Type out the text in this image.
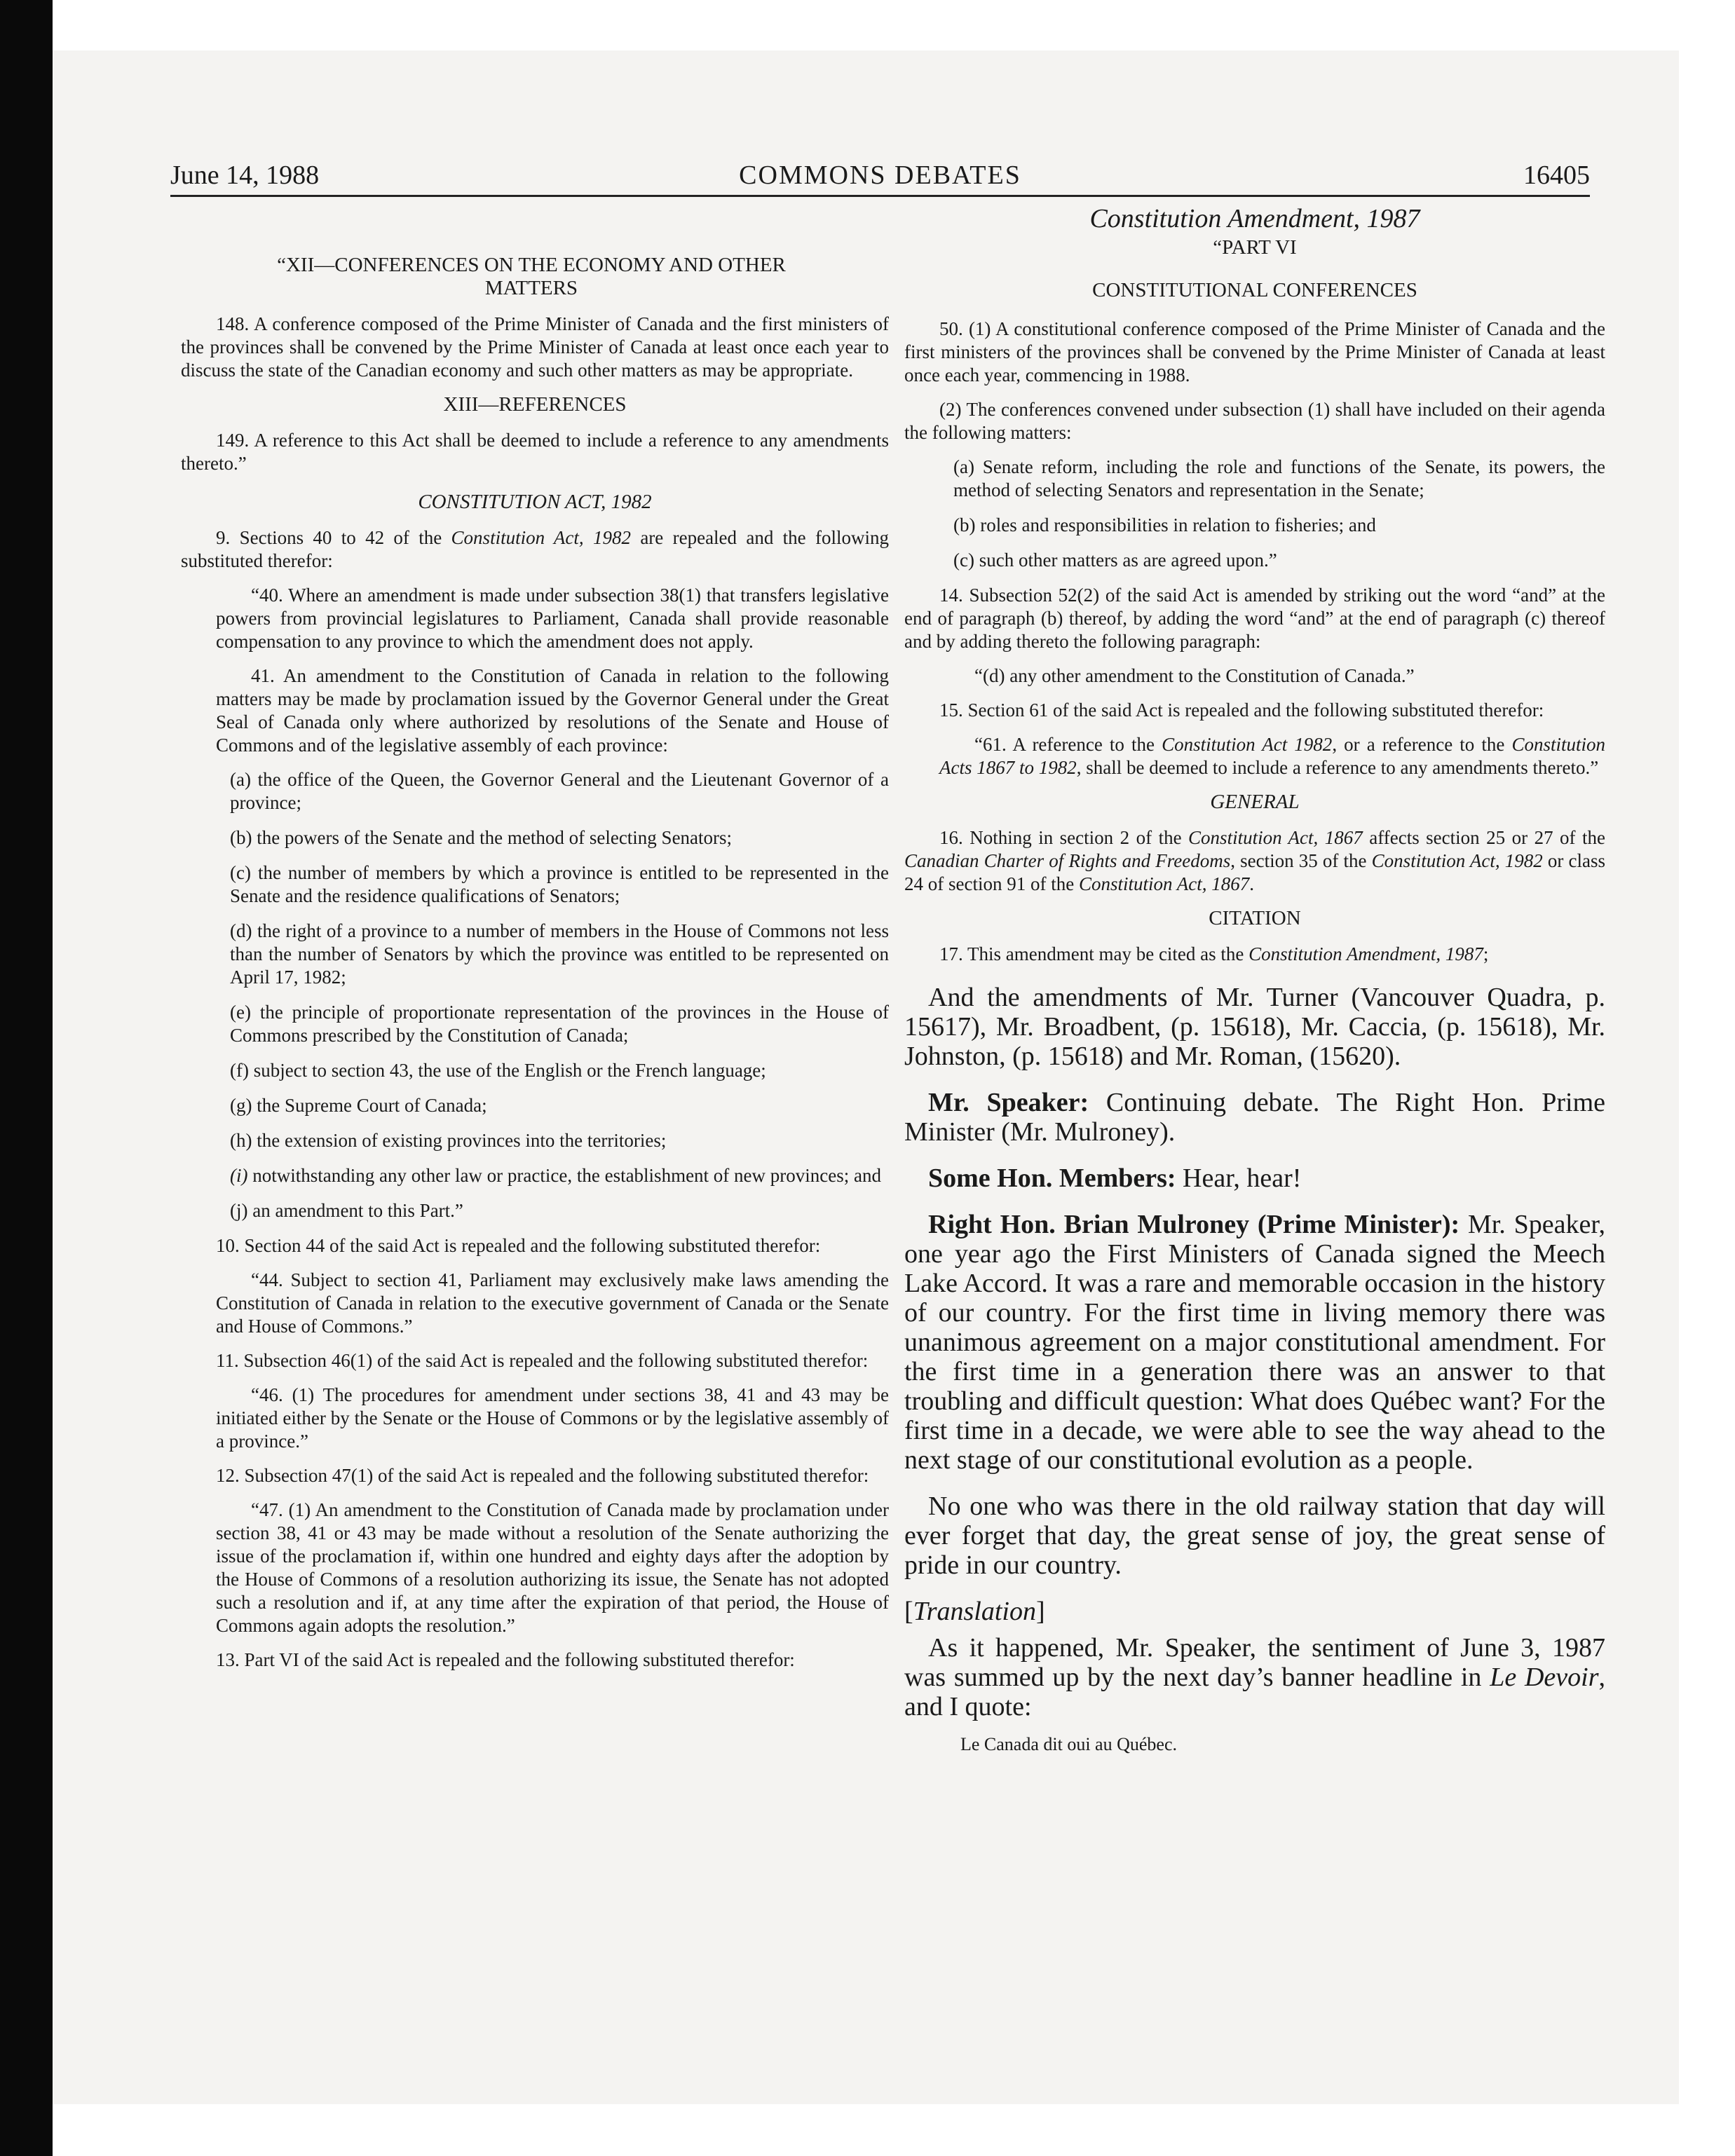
June 14, 1988	COMMONS DEBATES	16405

“XII—CONFERENCES ON THE ECONOMY AND OTHER MATTERS

148. A conference composed of the Prime Minister of Canada and the first ministers of the provinces shall be convened by the Prime Minister of Canada at least once each year to discuss the state of the Canadian economy and such other matters as may be appropriate.

XIII—REFERENCES

149. A reference to this Act shall be deemed to include a reference to any amendments thereto.”

CONSTITUTION ACT, 1982

9. Sections 40 to 42 of the Constitution Act, 1982 are repealed and the following substituted therefor:

“40. Where an amendment is made under subsection 38(1) that transfers legislative powers from provincial legislatures to Parliament, Canada shall provide reasonable compensation to any province to which the amendment does not apply.

41. An amendment to the Constitution of Canada in relation to the following matters may be made by proclamation issued by the Governor General under the Great Seal of Canada only where authorized by resolutions of the Senate and House of Commons and of the legislative assembly of each province:

(a) the office of the Queen, the Governor General and the Lieutenant Governor of a province;

(b) the powers of the Senate and the method of selecting Senators;

(c) the number of members by which a province is entitled to be represented in the Senate and the residence qualifications of Senators;

(d) the right of a province to a number of members in the House of Commons not less than the number of Senators by which the province was entitled to be represented on April 17, 1982;

(e) the principle of proportionate representation of the provinces in the House of Commons prescribed by the Constitution of Canada;

(f) subject to section 43, the use of the English or the French language;

(g) the Supreme Court of Canada;

(h) the extension of existing provinces into the territories;

(i) notwithstanding any other law or practice, the establishment of new provinces; and

(j) an amendment to this Part.”

10. Section 44 of the said Act is repealed and the following substituted therefor:

“44. Subject to section 41, Parliament may exclusively make laws amending the Constitution of Canada in relation to the executive government of Canada or the Senate and House of Commons.”

11. Subsection 46(1) of the said Act is repealed and the following substituted therefor:

“46. (1) The procedures for amendment under sections 38, 41 and 43 may be initiated either by the Senate or the House of Commons or by the legislative assembly of a province.”

12. Subsection 47(1) of the said Act is repealed and the following substituted therefor:

“47. (1) An amendment to the Constitution of Canada made by proclamation under section 38, 41 or 43 may be made without a resolution of the Senate authorizing the issue of the proclamation if, within one hundred and eighty days after the adoption by the House of Commons of a resolution authorizing its issue, the Senate has not adopted such a resolution and if, at any time after the expiration of that period, the House of Commons again adopts the resolution.”

13. Part VI of the said Act is repealed and the following substituted therefor:

Constitution Amendment, 1987

“PART VI

CONSTITUTIONAL CONFERENCES

50. (1) A constitutional conference composed of the Prime Minister of Canada and the first ministers of the provinces shall be convened by the Prime Minister of Canada at least once each year, commencing in 1988.

(2) The conferences convened under subsection (1) shall have included on their agenda the following matters:

(a) Senate reform, including the role and functions of the Senate, its powers, the method of selecting Senators and representation in the Senate;

(b) roles and responsibilities in relation to fisheries; and

(c) such other matters as are agreed upon.”

14. Subsection 52(2) of the said Act is amended by striking out the word “and” at the end of paragraph (b) thereof, by adding the word “and” at the end of paragraph (c) thereof and by adding thereto the following paragraph:

“(d) any other amendment to the Constitution of Canada.”

15. Section 61 of the said Act is repealed and the following substituted therefor:

“61. A reference to the Constitution Act 1982, or a reference to the Constitution Acts 1867 to 1982, shall be deemed to include a reference to any amendments thereto.”

GENERAL

16. Nothing in section 2 of the Constitution Act, 1867 affects section 25 or 27 of the Canadian Charter of Rights and Freedoms, section 35 of the Constitution Act, 1982 or class 24 of section 91 of the Constitution Act, 1867.

CITATION

17. This amendment may be cited as the Constitution Amendment, 1987;

And the amendments of Mr. Turner (Vancouver Quadra, p. 15617), Mr. Broadbent, (p. 15618), Mr. Caccia, (p. 15618), Mr. Johnston, (p. 15618) and Mr. Roman, (15620).

Mr. Speaker: Continuing debate. The Right Hon. Prime Minister (Mr. Mulroney).

Some Hon. Members: Hear, hear!

Right Hon. Brian Mulroney (Prime Minister): Mr. Speaker, one year ago the First Ministers of Canada signed the Meech Lake Accord. It was a rare and memorable occasion in the history of our country. For the first time in living memory there was unanimous agreement on a major constitutional amendment. For the first time in a generation there was an answer to that troubling and difficult question: What does Québec want? For the first time in a decade, we were able to see the way ahead to the next stage of our constitutional evolution as a people.

No one who was there in the old railway station that day will ever forget that day, the great sense of joy, the great sense of pride in our country.

[Translation]

As it happened, Mr. Speaker, the sentiment of June 3, 1987 was summed up by the next day’s banner headline in Le Devoir, and I quote:

Le Canada dit oui au Québec.
